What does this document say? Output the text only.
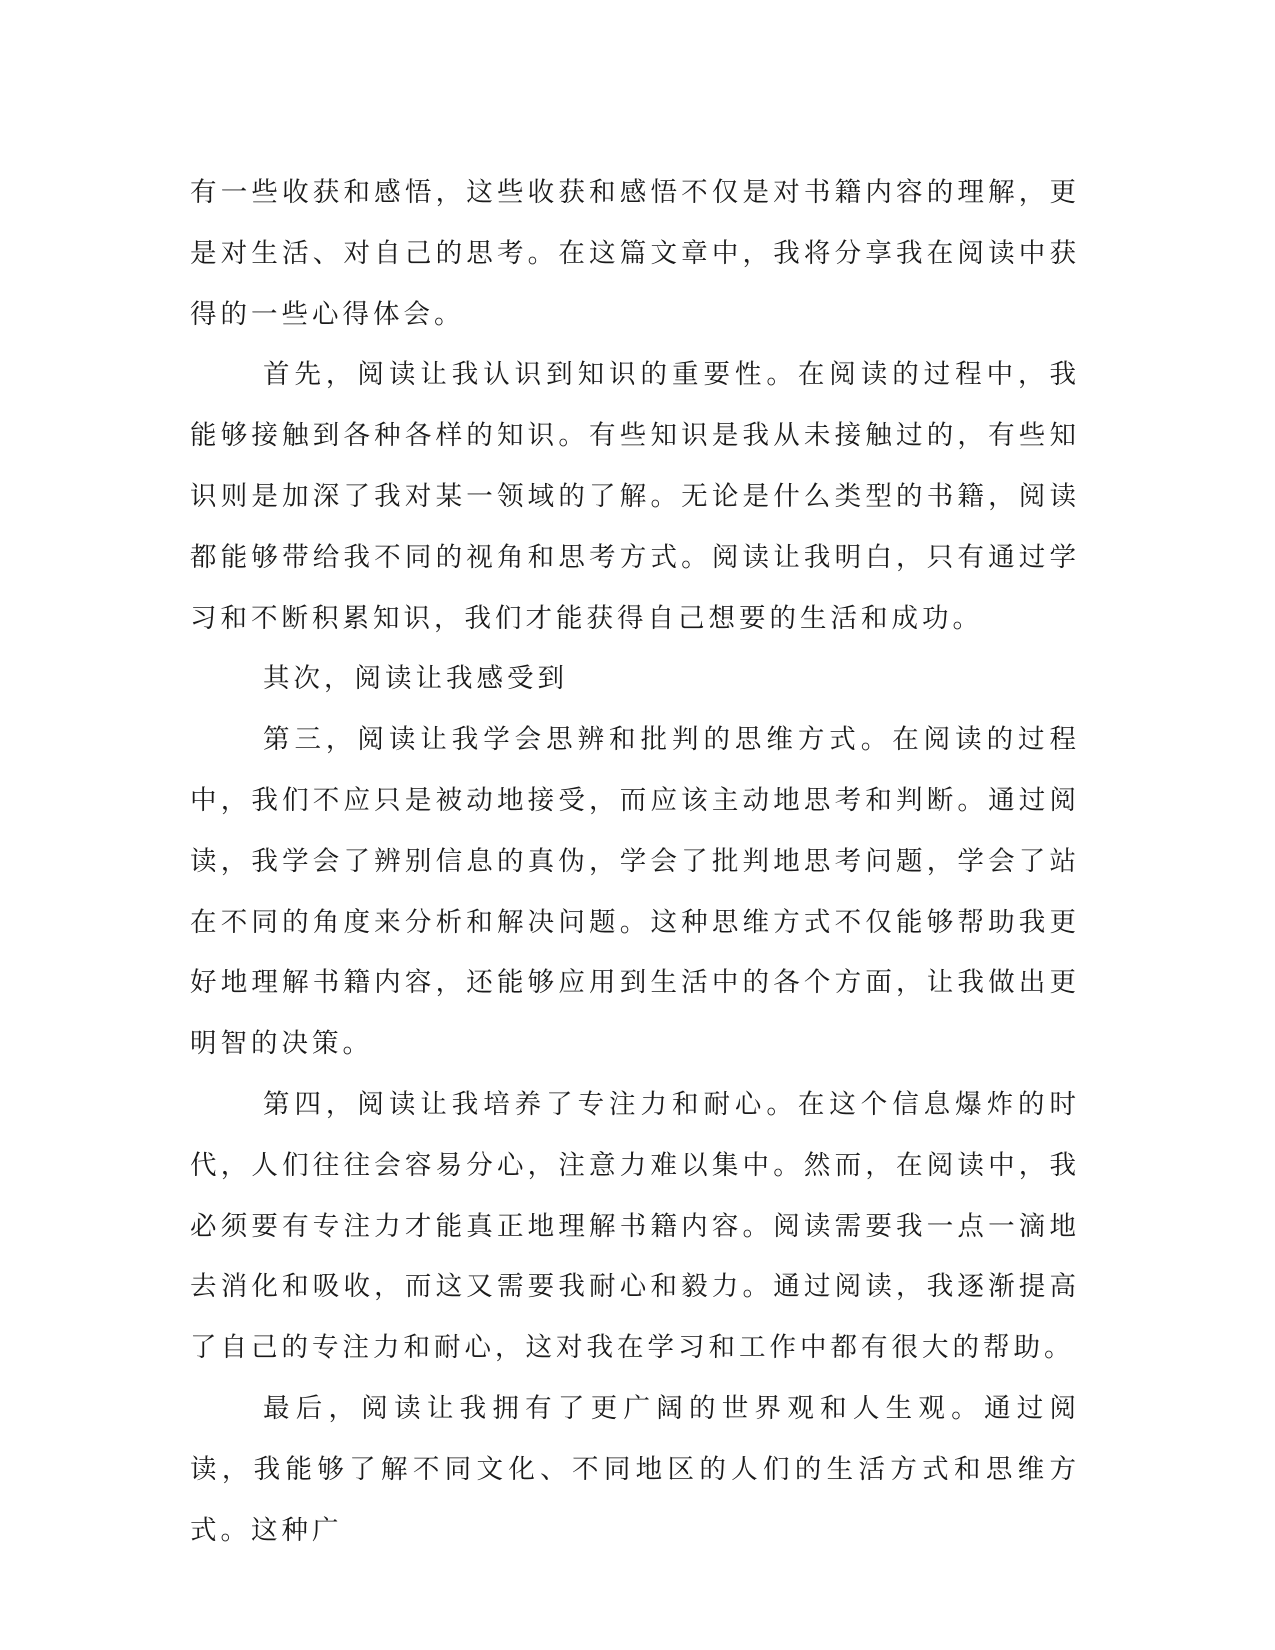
有一些收获和感悟，这些收获和感悟不仅是对书籍内容的理解，更是对生活、对自己的思考。在这篇文章中，我将分享我在阅读中获得的一些心得体会。

首先，阅读让我认识到知识的重要性。在阅读的过程中，我能够接触到各种各样的知识。有些知识是我从未接触过的，有些知识则是加深了我对某一领域的了解。无论是什么类型的书籍，阅读都能够带给我不同的视角和思考方式。阅读让我明白，只有通过学习和不断积累知识，我们才能获得自己想要的生活和成功。

其次，阅读让我感受到

第三，阅读让我学会思辨和批判的思维方式。在阅读的过程中，我们不应只是被动地接受，而应该主动地思考和判断。通过阅读，我学会了辨别信息的真伪，学会了批判地思考问题，学会了站在不同的角度来分析和解决问题。这种思维方式不仅能够帮助我更好地理解书籍内容，还能够应用到生活中的各个方面，让我做出更明智的决策。

第四，阅读让我培养了专注力和耐心。在这个信息爆炸的时代，人们往往会容易分心，注意力难以集中。然而，在阅读中，我必须要有专注力才能真正地理解书籍内容。阅读需要我一点一滴地去消化和吸收，而这又需要我耐心和毅力。通过阅读，我逐渐提高了自己的专注力和耐心，这对我在学习和工作中都有很大的帮助。

最后，阅读让我拥有了更广阔的世界观和人生观。通过阅读，我能够了解不同文化、不同地区的人们的生活方式和思维方式。这种广
